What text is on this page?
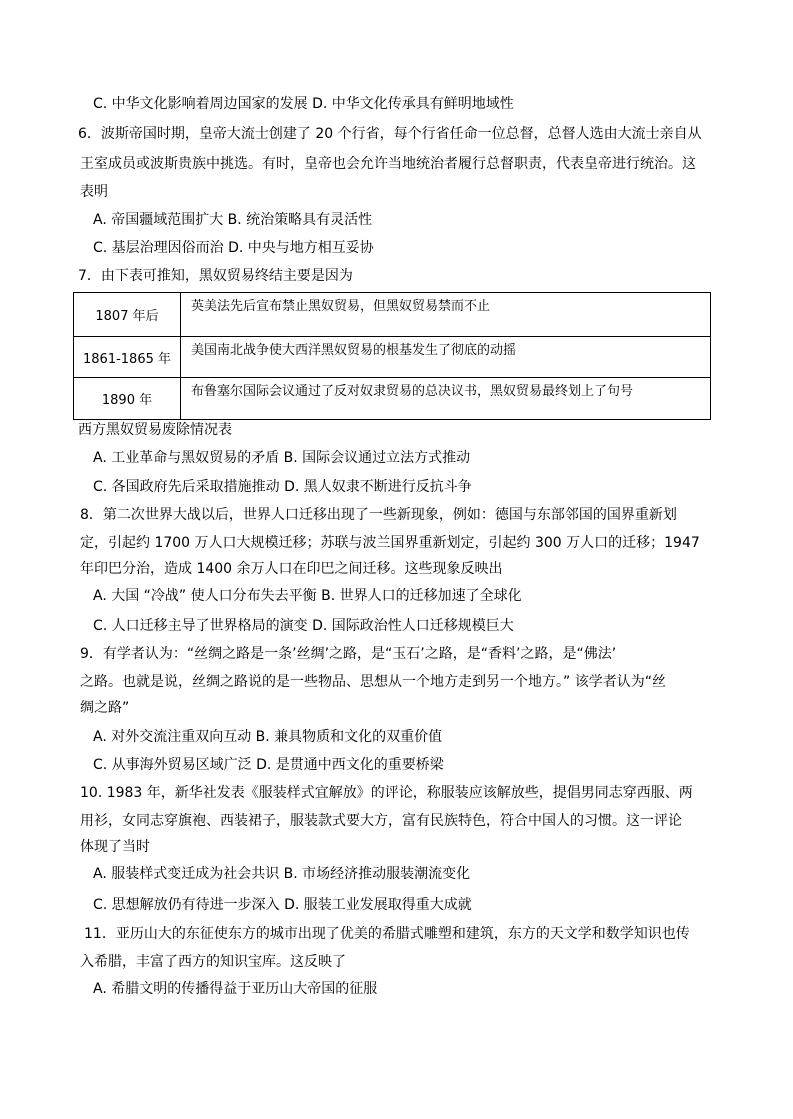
C. 中华文化影响着周边国家的发展 D. 中华文化传承具有鲜明地域性
6．波斯帝国时期，皇帝大流士创建了 20 个行省，每个行省任命一位总督，总督人选由大流士亲自从
王室成员或波斯贵族中挑选。有时，皇帝也会允许当地统治者履行总督职责，代表皇帝进行统治。这
表明
A. 帝国疆域范围扩大 B. 统治策略具有灵活性
C. 基层治理因俗而治 D. 中央与地方相互妥协
7．由下表可推知，黑奴贸易终结主要是因为
1807 年后	英美法先后宣布禁止黑奴贸易，但黑奴贸易禁而不止
1861-1865 年	美国南北战争使大西洋黑奴贸易的根基发生了彻底的动摇
1890 年	布鲁塞尔国际会议通过了反对奴隶贸易的总决议书，黑奴贸易最终划上了句号
西方黑奴贸易废除情况表
A. 工业革命与黑奴贸易的矛盾 B. 国际会议通过立法方式推动
C. 各国政府先后采取措施推动 D. 黑人奴隶不断进行反抗斗争
8．第二次世界大战以后，世界人口迁移出现了一些新现象，例如：德国与东部邻国的国界重新划
定，引起约 1700 万人口大规模迁移；苏联与波兰国界重新划定，引起约 300 万人口的迁移；1947
年印巴分治，造成 1400 余万人口在印巴之间迁移。这些现象反映出
A. 大国 “冷战” 使人口分布失去平衡 B. 世界人口的迁移加速了全球化
C. 人口迁移主导了世界格局的演变 D. 国际政治性人口迁移规模巨大
9．有学者认为：“丝绸之路是一条’丝绸’之路，是“玉石’之路，是“香料’之路，是“佛法’
之路。也就是说，丝绸之路说的是一些物品、思想从一个地方走到另一个地方。” 该学者认为“丝
绸之路”
A. 对外交流注重双向互动 B. 兼具物质和文化的双重价值
C. 从事海外贸易区域广泛 D. 是贯通中西文化的重要桥梁
10. 1983 年，新华社发表《服装样式宜解放》的评论，称服装应该解放些，提倡男同志穿西服、两
用衫，女同志穿旗袍、西装裙子，服装款式要大方，富有民族特色，符合中国人的习惯。这一评论
体现了当时
A. 服装样式变迁成为社会共识 B. 市场经济推动服装潮流变化
C. 思想解放仍有待进一步深入 D. 服装工业发展取得重大成就
11．亚历山大的东征使东方的城市出现了优美的希腊式雕塑和建筑，东方的天文学和数学知识也传
入希腊，丰富了西方的知识宝库。这反映了
A. 希腊文明的传播得益于亚历山大帝国的征服
